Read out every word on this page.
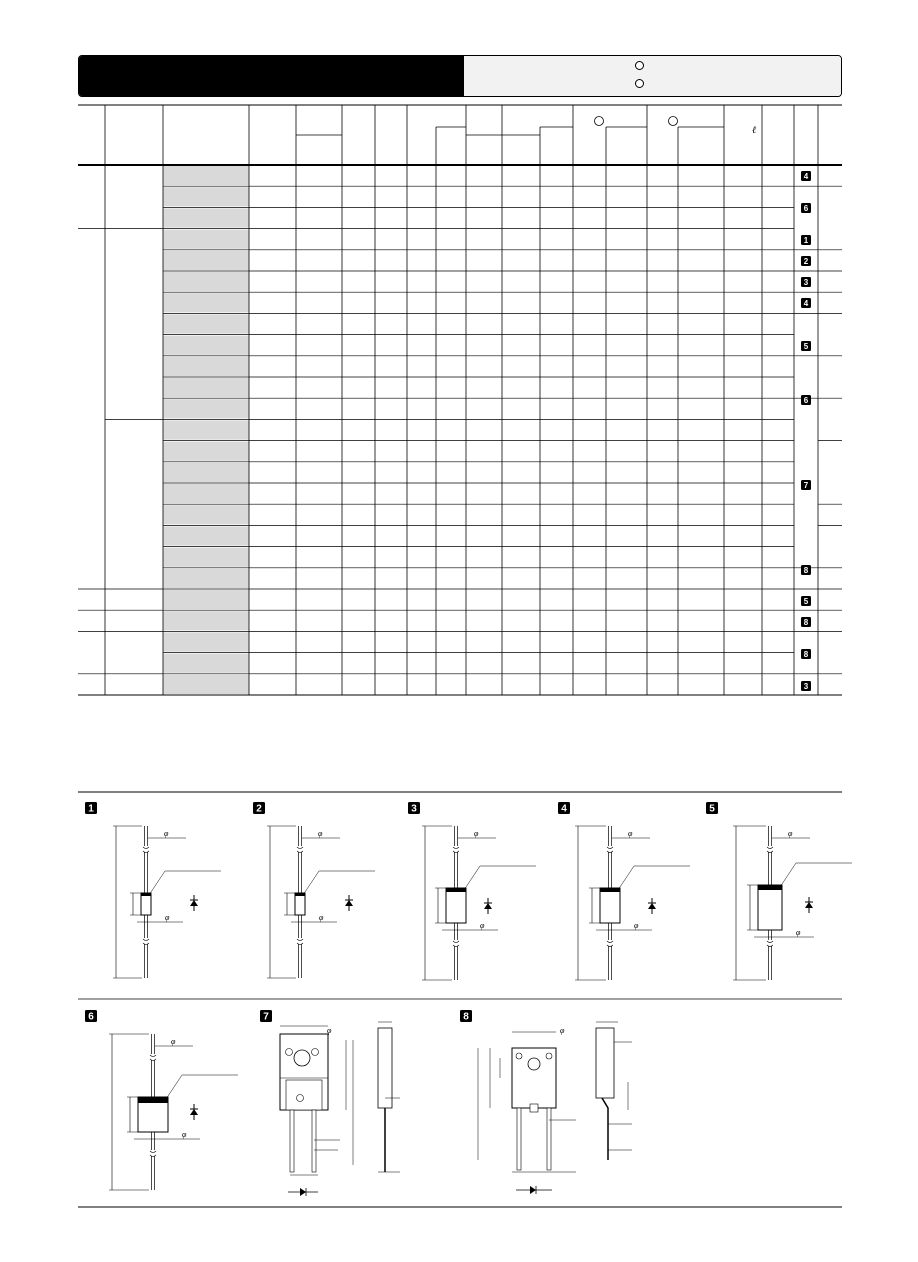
ℓ
4
6
1
2
3
4
5
6
7
8
5
8
8
3
1
φ
φ
2
φ
φ
3
φ
φ
4
φ
φ
5
φ
φ
6
φ
φ
7
φ
8
φ
